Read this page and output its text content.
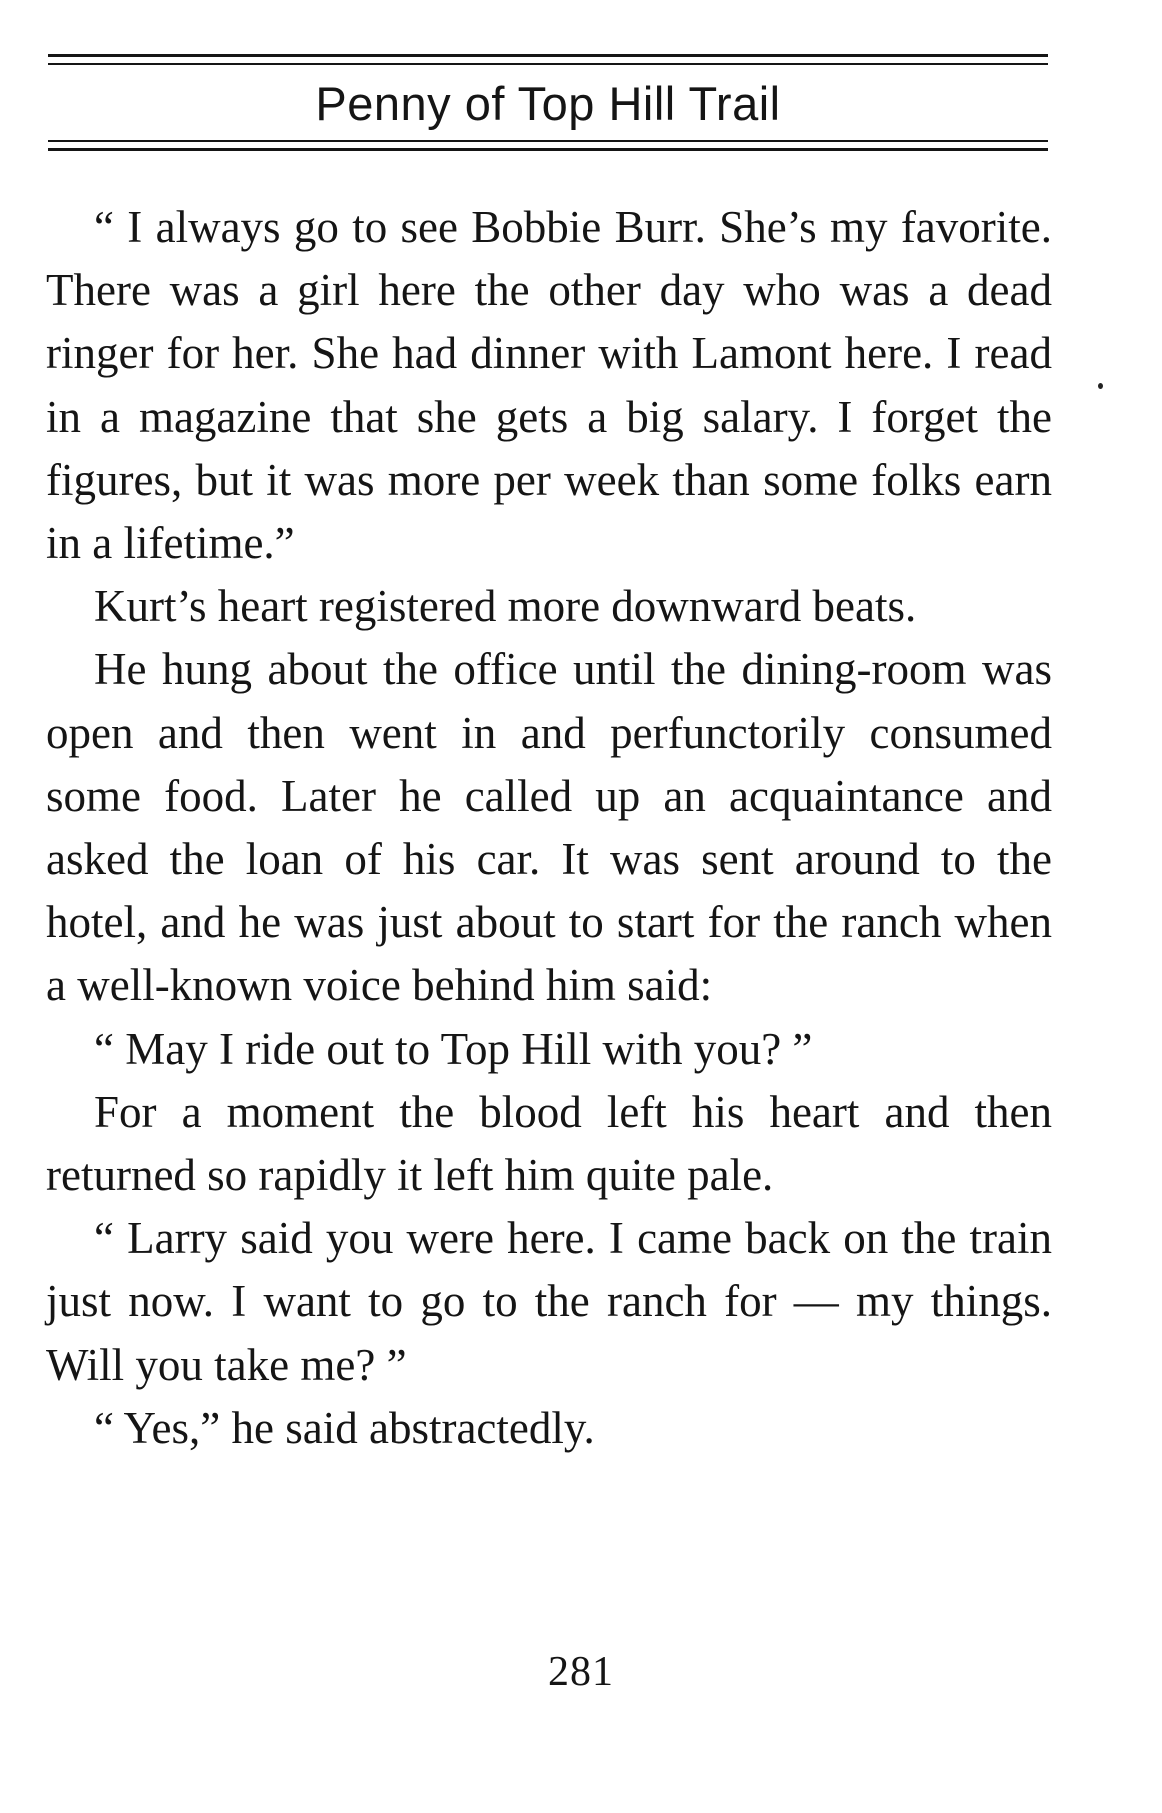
Penny of Top Hill Trail

“ I always go to see Bobbie Burr. She’s my favorite. There was a girl here the other day who was a dead ringer for her. She had dinner with Lamont here. I read in a magazine that she gets a big salary. I forget the figures, but it was more per week than some folks earn in a lifetime.”

Kurt’s heart registered more downward beats.

He hung about the office until the dining-room was open and then went in and perfunctorily consumed some food. Later he called up an acquaintance and asked the loan of his car. It was sent around to the hotel, and he was just about to start for the ranch when a well-known voice behind him said:

“ May I ride out to Top Hill with you? ”

For a moment the blood left his heart and then returned so rapidly it left him quite pale.

“ Larry said you were here. I came back on the train just now. I want to go to the ranch for — my things. Will you take me? ”

“ Yes,” he said abstractedly.

281
